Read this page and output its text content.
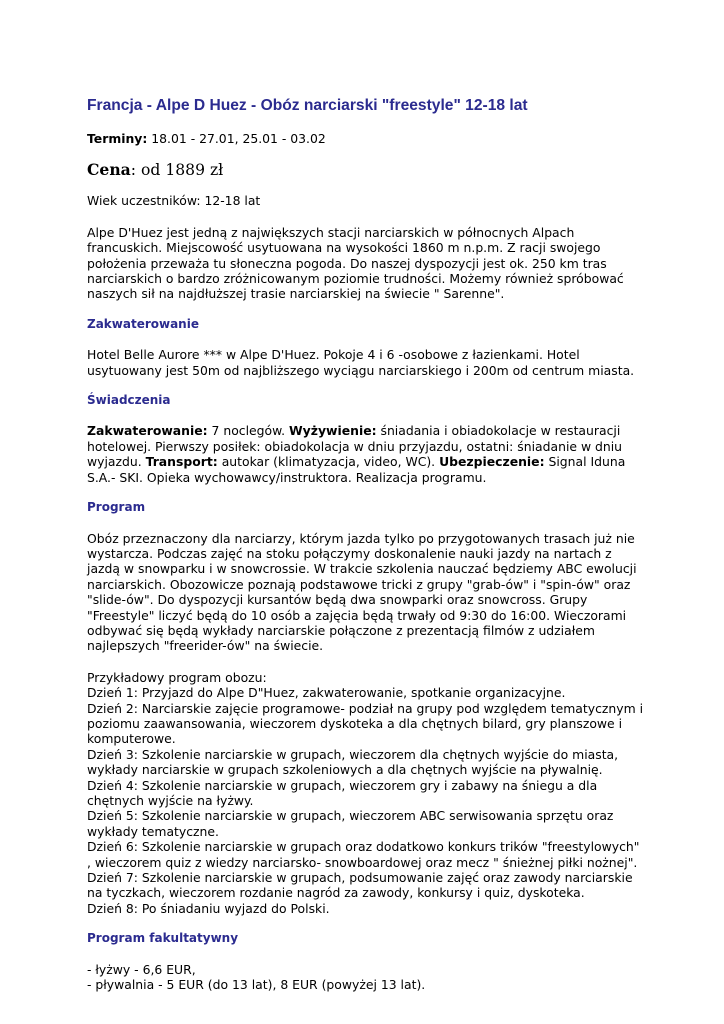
Francja - Alpe D Huez - Obóz narciarski "freestyle" 12-18 lat

Terminy: 18.01 - 27.01, 25.01 - 03.02

Cena: od 1889 zł

Wiek uczestników: 12-18 lat

Alpe D'Huez jest jedną z największych stacji narciarskich w północnych Alpach francuskich. Miejscowość usytuowana na wysokości 1860 m n.p.m. Z racji swojego położenia przeważa tu słoneczna pogoda. Do naszej dyspozycji jest ok. 250 km tras narciarskich o bardzo zróżnicowanym poziomie trudności. Możemy również spróbować naszych sił na najdłuższej trasie narciarskiej na świecie " Sarenne".

Zakwaterowanie

Hotel Belle Aurore *** w Alpe D'Huez. Pokoje 4 i 6 -osobowe z łazienkami. Hotel usytuowany jest 50m od najbliższego wyciągu narciarskiego i 200m od centrum miasta.

Świadczenia

Zakwaterowanie: 7 noclegów. Wyżywienie: śniadania i obiadokolacje w restauracji hotelowej. Pierwszy posiłek: obiadokolacja w dniu przyjazdu, ostatni: śniadanie w dniu wyjazdu. Transport: autokar (klimatyzacja, video, WC). Ubezpieczenie: Signal Iduna S.A.- SKI. Opieka wychowawcy/instruktora. Realizacja programu.

Program

Obóz przeznaczony dla narciarzy, którym jazda tylko po przygotowanych trasach już nie wystarcza. Podczas zajęć na stoku połączymy doskonalenie nauki jazdy na nartach z jazdą w snowparku i w snowcrossie. W trakcie szkolenia nauczać będziemy ABC ewolucji narciarskich. Obozowicze poznają podstawowe tricki z grupy "grab-ów" i "spin-ów" oraz "slide-ów". Do dyspozycji kursantów będą dwa snowparki oraz snowcross. Grupy "Freestyle" liczyć będą do 10 osób a zajęcia będą trwały od 9:30 do 16:00. Wieczorami odbywać się będą wykłady narciarskie połączone z prezentacją filmów z udziałem najlepszych "freerider-ów" na świecie.

Przykładowy program obozu:
Dzień 1: Przyjazd do Alpe D"Huez, zakwaterowanie, spotkanie organizacyjne.
Dzień 2: Narciarskie zajęcie programowe- podział na grupy pod względem tematycznym i poziomu zaawansowania, wieczorem dyskoteka a dla chętnych bilard, gry planszowe i komputerowe.
Dzień 3: Szkolenie narciarskie w grupach, wieczorem dla chętnych wyjście do miasta, wykłady narciarskie w grupach szkoleniowych a dla chętnych wyjście na pływalnię.
Dzień 4: Szkolenie narciarskie w grupach, wieczorem gry i zabawy na śniegu a dla chętnych wyjście na łyżwy.
Dzień 5: Szkolenie narciarskie w grupach, wieczorem ABC serwisowania sprzętu oraz wykłady tematyczne.
Dzień 6: Szkolenie narciarskie w grupach oraz dodatkowo konkurs trików "freestylowych" , wieczorem quiz z wiedzy narciarsko- snowboardowej oraz mecz " śnieżnej piłki nożnej".
Dzień 7: Szkolenie narciarskie w grupach, podsumowanie zajęć oraz zawody narciarskie na tyczkach, wieczorem rozdanie nagród za zawody, konkursy i quiz, dyskoteka.
Dzień 8: Po śniadaniu wyjazd do Polski.
Program fakultatywny
- łyżwy - 6,6 EUR,
- pływalnia - 5 EUR (do 13 lat), 8 EUR (powyżej 13 lat).
